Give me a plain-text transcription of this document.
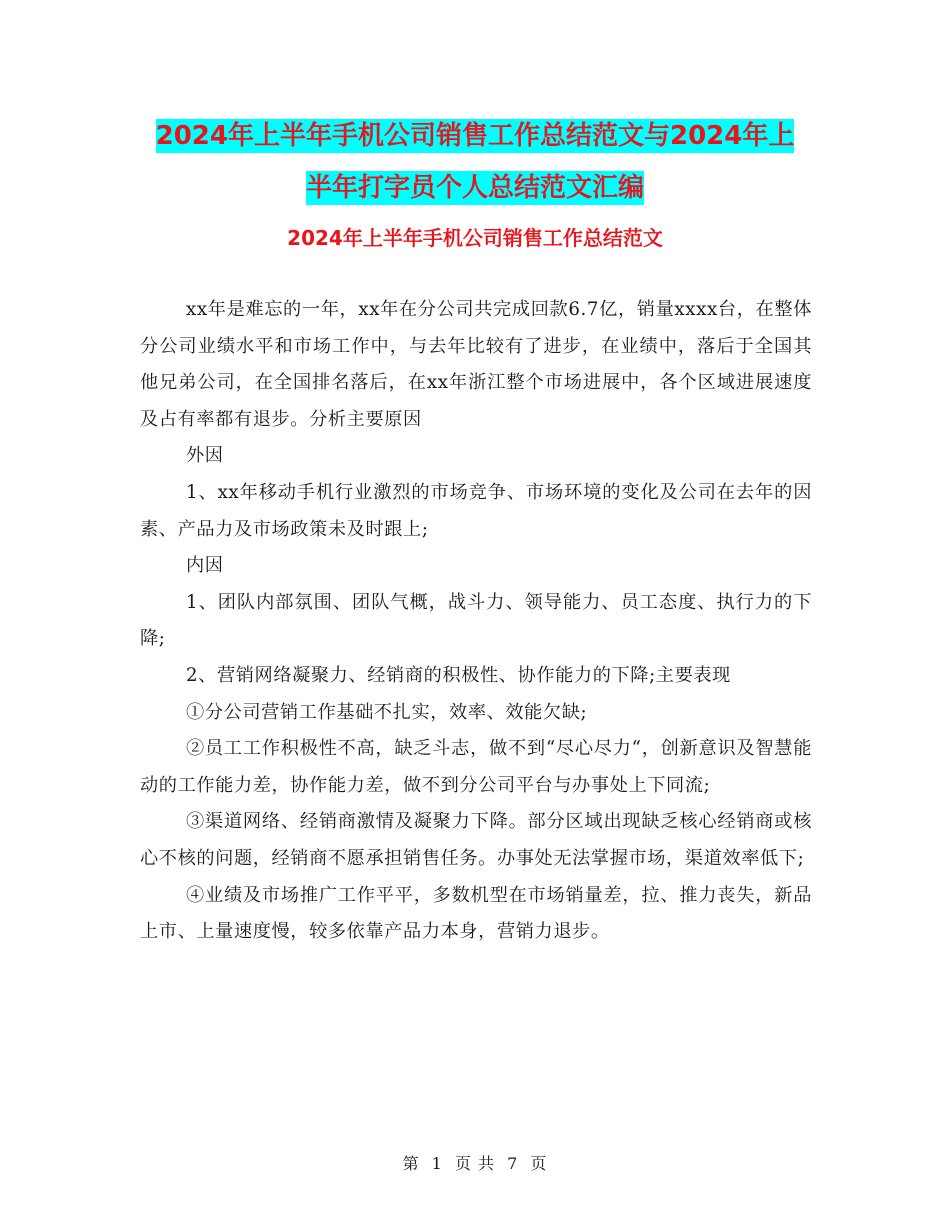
2024年上半年手机公司销售工作总结范文与2024年上
半年打字员个人总结范文汇编
2024年上半年手机公司销售工作总结范文

xx年是难忘的一年，xx年在分公司共完成回款6.7亿，销量xxxx台，在整体分公司业绩水平和市场工作中，与去年比较有了进步，在业绩中，落后于全国其他兄弟公司，在全国排名落后，在xx年浙江整个市场进展中，各个区域进展速度及占有率都有退步。分析主要原因

外因

1、xx年移动手机行业激烈的市场竞争、市场环境的变化及公司在去年的因素、产品力及市场政策未及时跟上;

内因

1、团队内部氛围、团队气概，战斗力、领导能力、员工态度、执行力的下降;

2、营销网络凝聚力、经销商的积极性、协作能力的下降;主要表现

①分公司营销工作基础不扎实，效率、效能欠缺;

②员工工作积极性不高，缺乏斗志，做不到“尽心尽力“，创新意识及智慧能动的工作能力差，协作能力差，做不到分公司平台与办事处上下同流;

③渠道网络、经销商激情及凝聚力下降。部分区域出现缺乏核心经销商或核心不核的问题，经销商不愿承担销售任务。办事处无法掌握市场，渠道效率低下;

④业绩及市场推广工作平平，多数机型在市场销量差，拉、推力丧失，新品上市、上量速度慢，较多依靠产品力本身，营销力退步。

第 1 页 共 7 页
